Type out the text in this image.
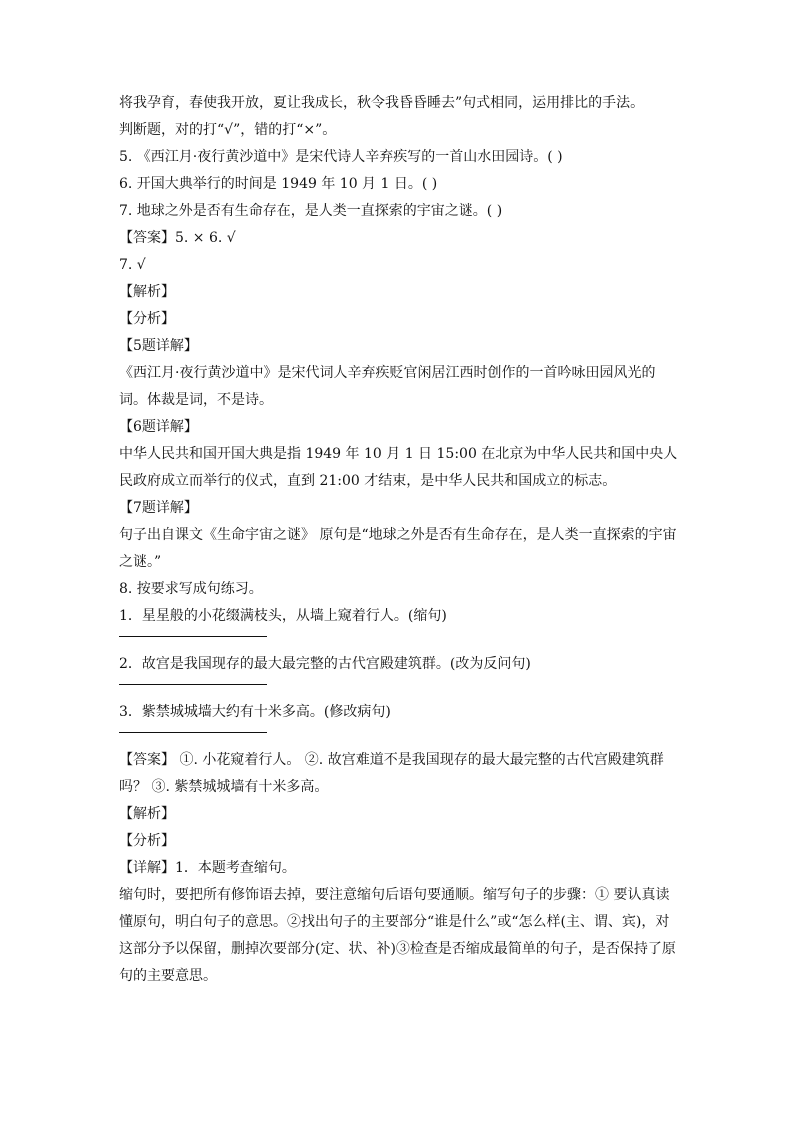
将我孕育，春使我开放，夏让我成长，秋令我昏昏睡去”句式相同，运用排比的手法。

判断题，对的打“√”，错的打“×”。

5. 《西江月·夜行黄沙道中》是宋代诗人辛弃疾写的一首山水田园诗。( )

6. 开国大典举行的时间是 1949 年 10 月 1 日。( )

7. 地球之外是否有生命存在，是人类一直探索的宇宙之谜。( )

【答案】5. × 6. √

7. √

【解析】

【分析】

【5题详解】

《西江月·夜行黄沙道中》是宋代词人辛弃疾贬官闲居江西时创作的一首吟咏田园风光的词。体裁是词，不是诗。

【6题详解】

中华人民共和国开国大典是指 1949 年 10 月 1 日 15:00 在北京为中华人民共和国中央人民政府成立而举行的仪式，直到 21:00 才结束，是中华人民共和国成立的标志。

【7题详解】

句子出自课文《生命宇宙之谜》 原句是“地球之外是否有生命存在，是人类一直探索的宇宙之谜。”

8. 按要求写成句练习。

1．星星般的小花缀满枝头，从墙上窥着行人。(缩句)

2．故宫是我国现存的最大最完整的古代宫殿建筑群。(改为反问句)

3．紫禁城城墙大约有十米多高。(修改病句)

【答案】 ①. 小花窥着行人。 ②. 故宫难道不是我国现存的最大最完整的古代宫殿建筑群吗？ ③. 紫禁城城墙有十米多高。

【解析】

【分析】

【详解】1．本题考查缩句。

缩句时，要把所有修饰语去掉，要注意缩句后语句要通顺。缩写句子的步骤：① 要认真读懂原句，明白句子的意思。②找出句子的主要部分“谁是什么”或“怎么样(主、谓、宾)，对这部分予以保留，删掉次要部分(定、状、补)③检查是否缩成最简单的句子，是否保持了原句的主要意思。
